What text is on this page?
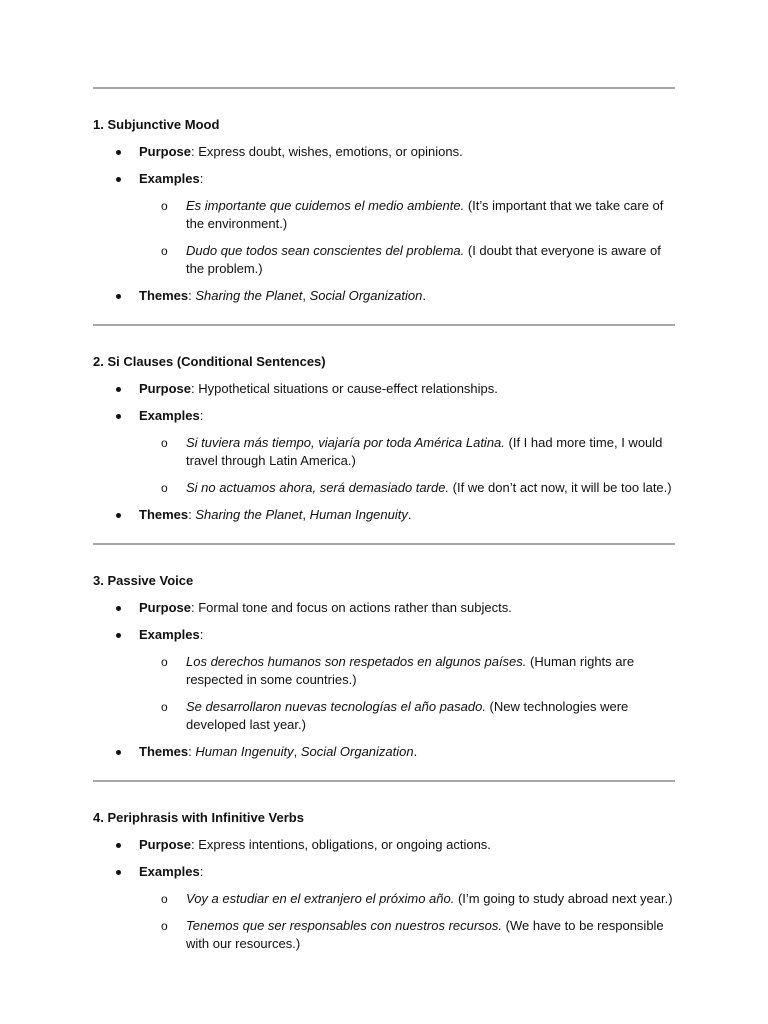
1. Subjunctive Mood

Purpose: Express doubt, wishes, emotions, or opinions.
Examples:
o Es importante que cuidemos el medio ambiente. (It’s important that we take care of the environment.)
o Dudo que todos sean conscientes del problema. (I doubt that everyone is aware of the problem.)
Themes: Sharing the Planet, Social Organization.

2. Si Clauses (Conditional Sentences)

Purpose: Hypothetical situations or cause-effect relationships.
Examples:
o Si tuviera más tiempo, viajaría por toda América Latina. (If I had more time, I would travel through Latin America.)
o Si no actuamos ahora, será demasiado tarde. (If we don’t act now, it will be too late.)
Themes: Sharing the Planet, Human Ingenuity.

3. Passive Voice

Purpose: Formal tone and focus on actions rather than subjects.
Examples:
o Los derechos humanos son respetados en algunos países. (Human rights are respected in some countries.)
o Se desarrollaron nuevas tecnologías el año pasado. (New technologies were developed last year.)
Themes: Human Ingenuity, Social Organization.

4. Periphrasis with Infinitive Verbs

Purpose: Express intentions, obligations, or ongoing actions.
Examples:
o Voy a estudiar en el extranjero el próximo año. (I’m going to study abroad next year.)
o Tenemos que ser responsables con nuestros recursos. (We have to be responsible with our resources.)
